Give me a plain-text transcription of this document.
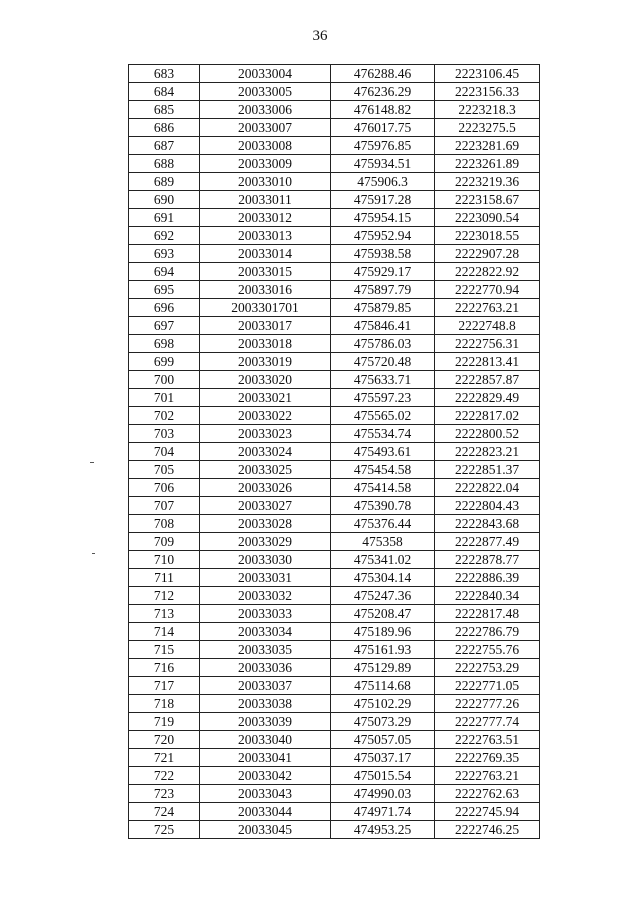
36
683	20033004	476288.46	2223106.45
684	20033005	476236.29	2223156.33
685	20033006	476148.82	2223218.3
686	20033007	476017.75	2223275.5
687	20033008	475976.85	2223281.69
688	20033009	475934.51	2223261.89
689	20033010	475906.3	2223219.36
690	20033011	475917.28	2223158.67
691	20033012	475954.15	2223090.54
692	20033013	475952.94	2223018.55
693	20033014	475938.58	2222907.28
694	20033015	475929.17	2222822.92
695	20033016	475897.79	2222770.94
696	2003301701	475879.85	2222763.21
697	20033017	475846.41	2222748.8
698	20033018	475786.03	2222756.31
699	20033019	475720.48	2222813.41
700	20033020	475633.71	2222857.87
701	20033021	475597.23	2222829.49
702	20033022	475565.02	2222817.02
703	20033023	475534.74	2222800.52
704	20033024	475493.61	2222823.21
705	20033025	475454.58	2222851.37
706	20033026	475414.58	2222822.04
707	20033027	475390.78	2222804.43
708	20033028	475376.44	2222843.68
709	20033029	475358	2222877.49
710	20033030	475341.02	2222878.77
711	20033031	475304.14	2222886.39
712	20033032	475247.36	2222840.34
713	20033033	475208.47	2222817.48
714	20033034	475189.96	2222786.79
715	20033035	475161.93	2222755.76
716	20033036	475129.89	2222753.29
717	20033037	475114.68	2222771.05
718	20033038	475102.29	2222777.26
719	20033039	475073.29	2222777.74
720	20033040	475057.05	2222763.51
721	20033041	475037.17	2222769.35
722	20033042	475015.54	2222763.21
723	20033043	474990.03	2222762.63
724	20033044	474971.74	2222745.94
725	20033045	474953.25	2222746.25
